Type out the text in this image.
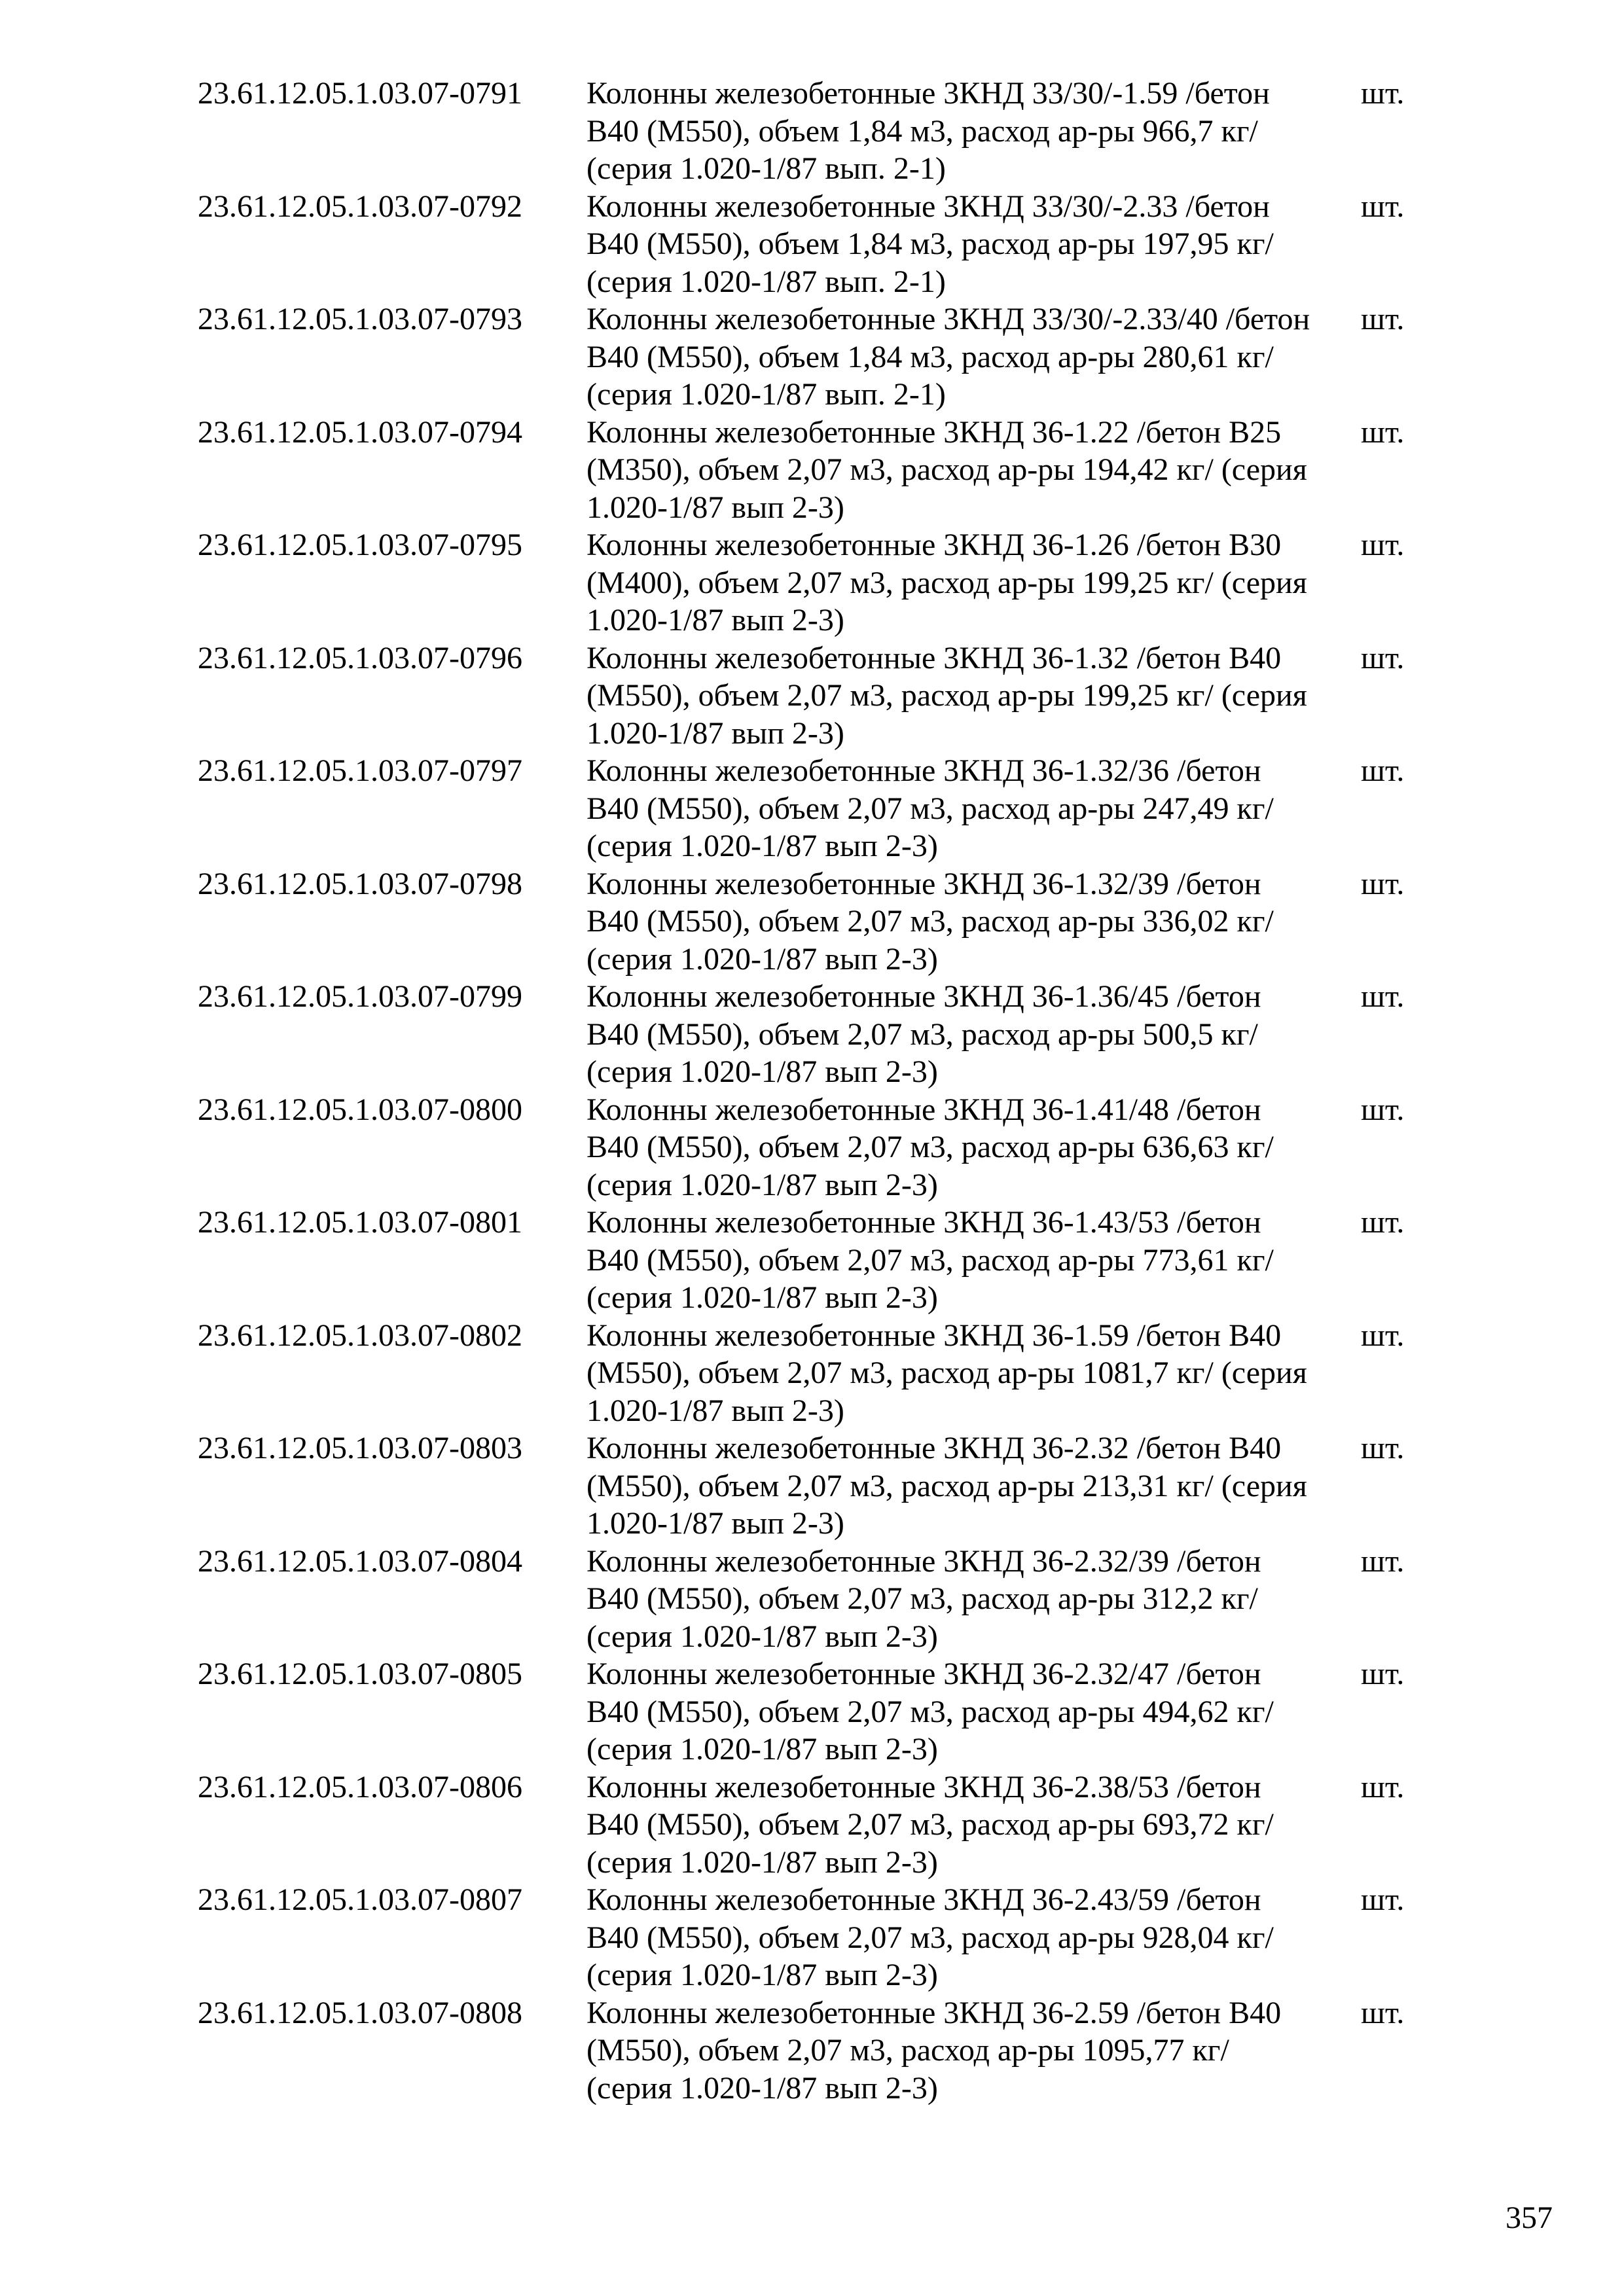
23.61.12.05.1.03.07-0791	Колонны железобетонные 3КНД 33/30/-1.59 /бетон
В40 (М550), объем 1,84 м3, расход ар-ры 966,7 кг/
(серия 1.020-1/87 вып. 2-1)
шт.
23.61.12.05.1.03.07-0792	Колонны железобетонные 3КНД 33/30/-2.33 /бетон
В40 (М550), объем 1,84 м3, расход ар-ры 197,95 кг/
(серия 1.020-1/87 вып. 2-1)
шт.
23.61.12.05.1.03.07-0793	Колонны железобетонные 3КНД 33/30/-2.33/40 /бетон
В40 (М550), объем 1,84 м3, расход ар-ры 280,61 кг/
(серия 1.020-1/87 вып. 2-1)
шт.
23.61.12.05.1.03.07-0794	Колонны железобетонные 3КНД 36-1.22 /бетон В25
(М350), объем 2,07 м3, расход ар-ры 194,42 кг/ (серия
1.020-1/87 вып 2-3)
шт.
23.61.12.05.1.03.07-0795	Колонны железобетонные 3КНД 36-1.26 /бетон В30
(М400), объем 2,07 м3, расход ар-ры 199,25 кг/ (серия
1.020-1/87 вып 2-3)
шт.
23.61.12.05.1.03.07-0796	Колонны железобетонные 3КНД 36-1.32 /бетон В40
(М550), объем 2,07 м3, расход ар-ры 199,25 кг/ (серия
1.020-1/87 вып 2-3)
шт.
23.61.12.05.1.03.07-0797	Колонны железобетонные 3КНД 36-1.32/36 /бетон
В40 (М550), объем 2,07 м3, расход ар-ры 247,49 кг/
(серия 1.020-1/87 вып 2-3)
шт.
23.61.12.05.1.03.07-0798	Колонны железобетонные 3КНД 36-1.32/39 /бетон
В40 (М550), объем 2,07 м3, расход ар-ры 336,02 кг/
(серия 1.020-1/87 вып 2-3)
шт.
23.61.12.05.1.03.07-0799	Колонны железобетонные 3КНД 36-1.36/45 /бетон
В40 (М550), объем 2,07 м3, расход ар-ры 500,5 кг/
(серия 1.020-1/87 вып 2-3)
шт.
23.61.12.05.1.03.07-0800	Колонны железобетонные 3КНД 36-1.41/48 /бетон
В40 (М550), объем 2,07 м3, расход ар-ры 636,63 кг/
(серия 1.020-1/87 вып 2-3)
шт.
23.61.12.05.1.03.07-0801	Колонны железобетонные 3КНД 36-1.43/53 /бетон
В40 (М550), объем 2,07 м3, расход ар-ры 773,61 кг/
(серия 1.020-1/87 вып 2-3)
шт.
23.61.12.05.1.03.07-0802	Колонны железобетонные 3КНД 36-1.59 /бетон В40
(М550), объем 2,07 м3, расход ар-ры 1081,7 кг/ (серия
1.020-1/87 вып 2-3)
шт.
23.61.12.05.1.03.07-0803	Колонны железобетонные 3КНД 36-2.32 /бетон В40
(М550), объем 2,07 м3, расход ар-ры 213,31 кг/ (серия
1.020-1/87 вып 2-3)
шт.
23.61.12.05.1.03.07-0804	Колонны железобетонные 3КНД 36-2.32/39 /бетон
В40 (М550), объем 2,07 м3, расход ар-ры 312,2 кг/
(серия 1.020-1/87 вып 2-3)
шт.
23.61.12.05.1.03.07-0805	Колонны железобетонные 3КНД 36-2.32/47 /бетон
В40 (М550), объем 2,07 м3, расход ар-ры 494,62 кг/
(серия 1.020-1/87 вып 2-3)
шт.
23.61.12.05.1.03.07-0806	Колонны железобетонные 3КНД 36-2.38/53 /бетон
В40 (М550), объем 2,07 м3, расход ар-ры 693,72 кг/
(серия 1.020-1/87 вып 2-3)
шт.
23.61.12.05.1.03.07-0807	Колонны железобетонные 3КНД 36-2.43/59 /бетон
В40 (М550), объем 2,07 м3, расход ар-ры 928,04 кг/
(серия 1.020-1/87 вып 2-3)
шт.
23.61.12.05.1.03.07-0808	Колонны железобетонные 3КНД 36-2.59 /бетон В40
(М550), объем 2,07 м3, расход ар-ры 1095,77 кг/
(серия 1.020-1/87 вып 2-3)
шт.
357
